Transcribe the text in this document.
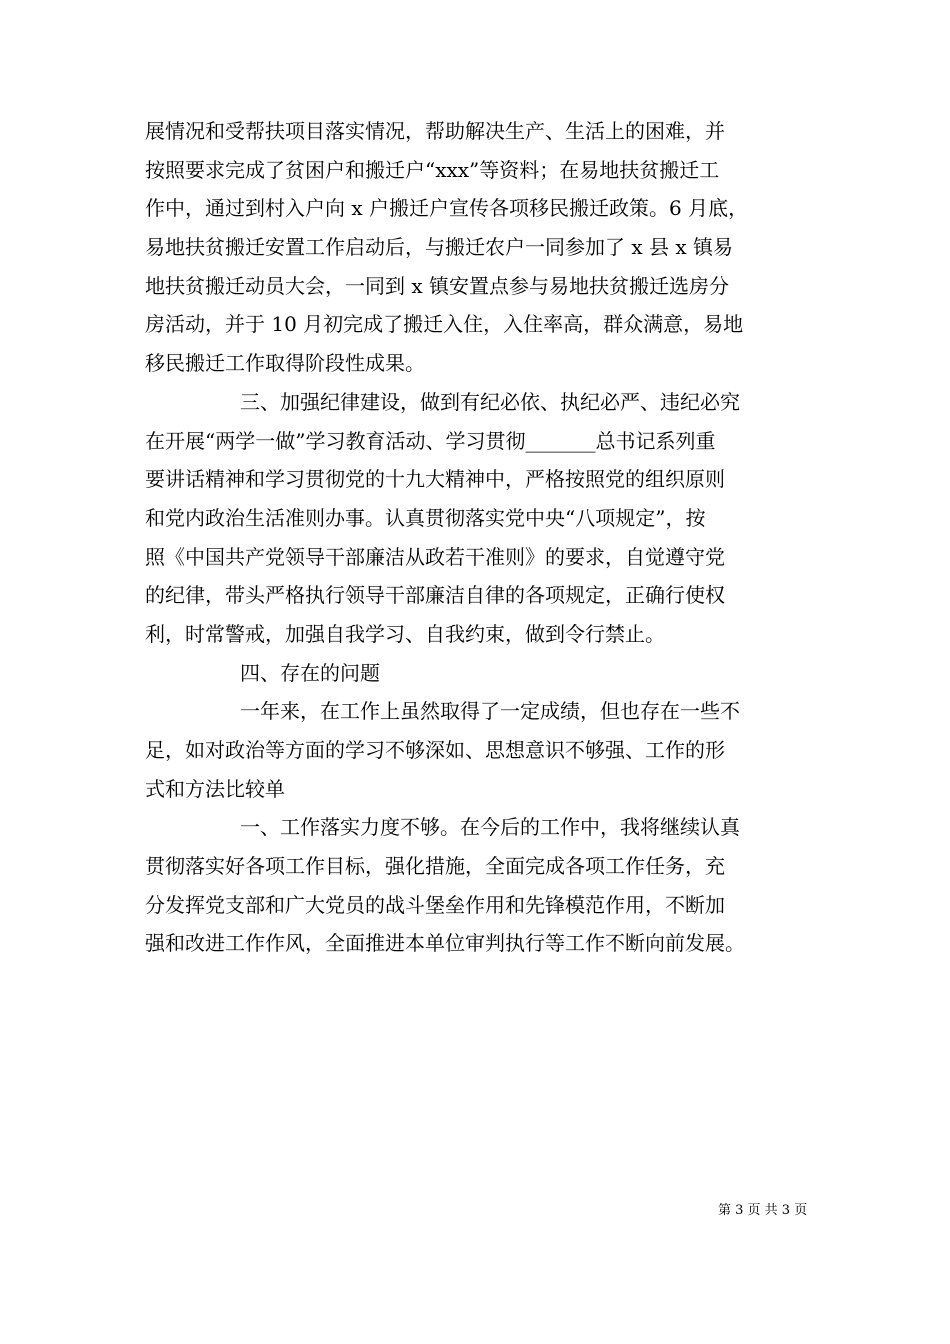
展情况和受帮扶项目落实情况，帮助解决生产、生活上的困难，并
按照要求完成了贫困户和搬迁户“xxx”等资料；在易地扶贫搬迁工
作中，通过到村入户向 x 户搬迁户宣传各项移民搬迁政策。6 月底，
易地扶贫搬迁安置工作启动后，与搬迁农户一同参加了 x 县 x 镇易
地扶贫搬迁动员大会，一同到 x 镇安置点参与易地扶贫搬迁选房分
房活动，并于 10 月初完成了搬迁入住，入住率高，群众满意，易地
移民搬迁工作取得阶段性成果。
三、加强纪律建设，做到有纪必依、执纪必严、违纪必究
在开展“两学一做”学习教育活动、学习贯彻_______总书记系列重
要讲话精神和学习贯彻党的十九大精神中，严格按照党的组织原则
和党内政治生活准则办事。认真贯彻落实党中央“八项规定”，按
照《中国共产党领导干部廉洁从政若干准则》的要求，自觉遵守党
的纪律，带头严格执行领导干部廉洁自律的各项规定，正确行使权
利，时常警戒，加强自我学习、自我约束，做到令行禁止。
四、存在的问题
一年来，在工作上虽然取得了一定成绩，但也存在一些不
足，如对政治等方面的学习不够深如、思想意识不够强、工作的形
式和方法比较单
一、工作落实力度不够。在今后的工作中，我将继续认真
贯彻落实好各项工作目标，强化措施，全面完成各项工作任务，充
分发挥党支部和广大党员的战斗堡垒作用和先锋模范作用，不断加
强和改进工作作风，全面推进本单位审判执行等工作不断向前发展。
第 3 页 共 3 页
